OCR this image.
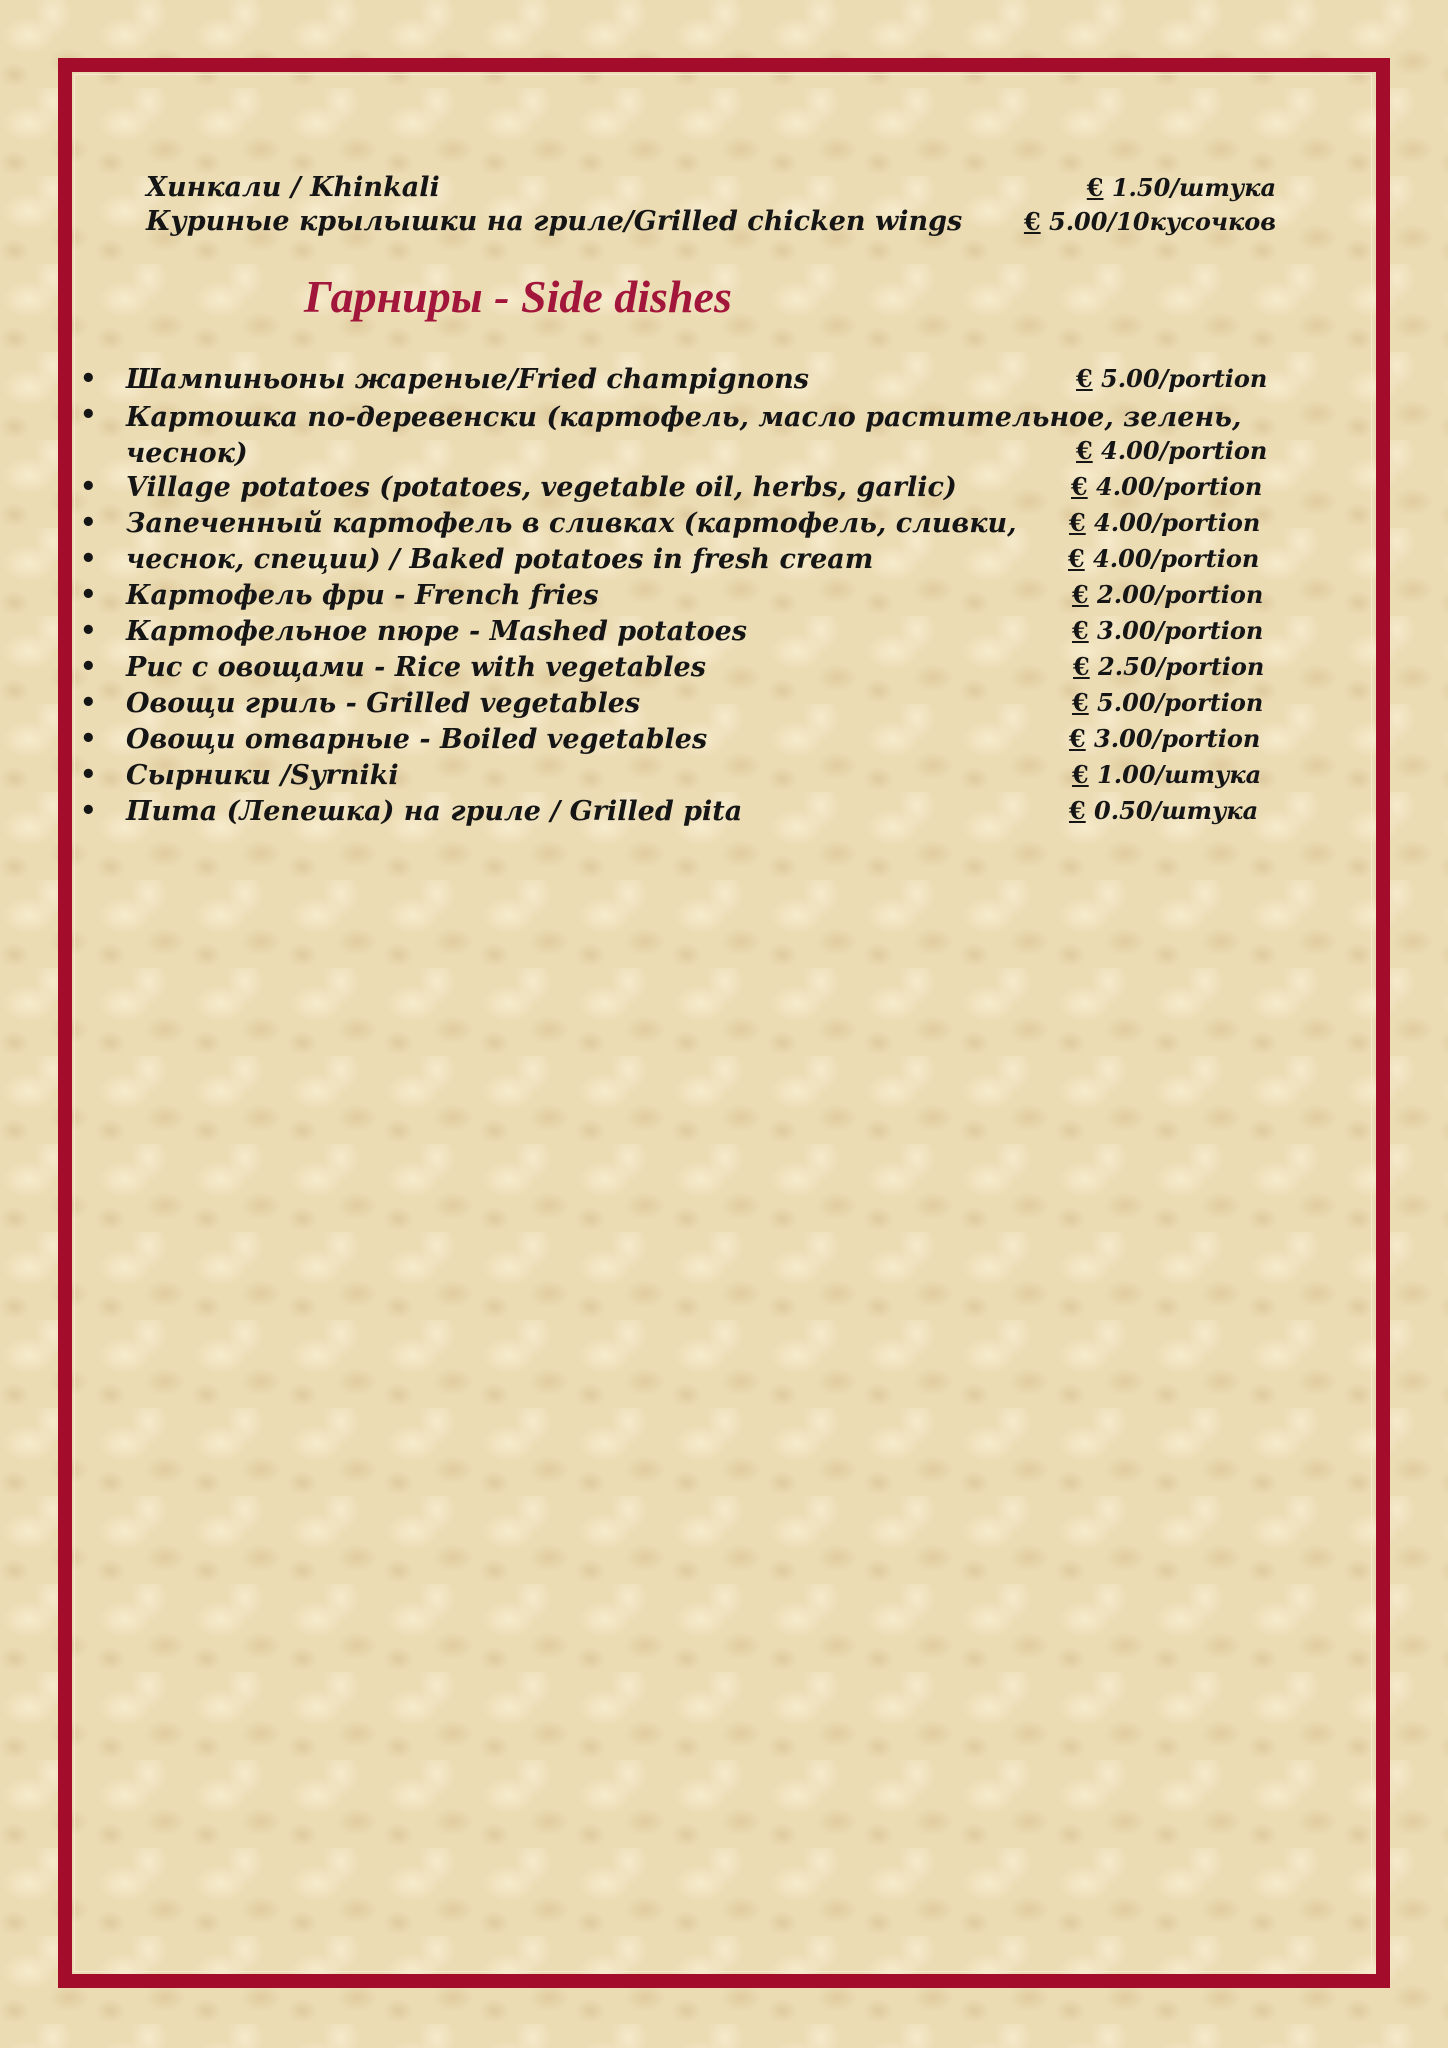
Хинкали / Khinkali	€ 1.50/штука
Куриные крылышки на гриле/Grilled chicken wings	€ 5.00/10кусочков
Гарниры - Side dishes
• Шампиньоны жареные/Fried champignons	€ 5.00/portion
• Картошка по-деревенски (картофель, масло растительное, зелень, чеснок)	€ 4.00/portion
• Village potatoes (potatoes, vegetable oil, herbs, garlic)	€ 4.00/portion
• Запеченный картофель в сливках (картофель, сливки, € 4.00/portion
• чеснок, специи) / Baked potatoes in fresh cream	€ 4.00/portion
• Картофель фри - French fries	€ 2.00/portion
• Картофельное пюре - Mashed potatoes	€ 3.00/portion
• Рис с овощами - Rice with vegetables	€ 2.50/portion
• Овощи гриль - Grilled vegetables	€ 5.00/portion
• Овощи отварные - Boiled vegetables	€ 3.00/portion
• Сырники /Syrniki	€ 1.00/штука
• Пита (Лепешка) на гриле / Grilled pita	€ 0.50/штука
